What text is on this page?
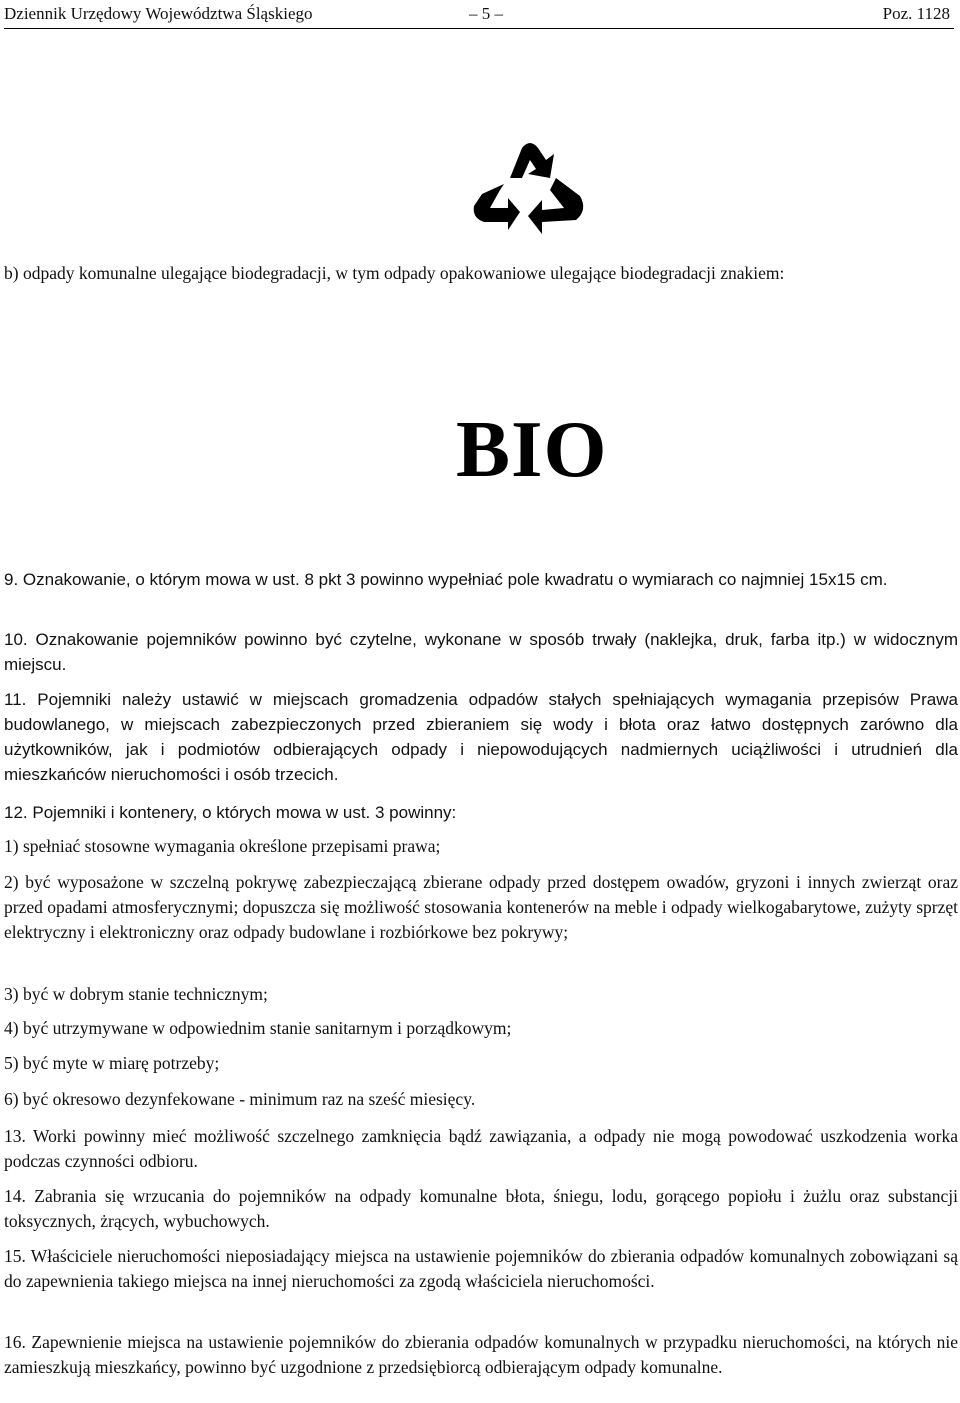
Dziennik Urzędowy Województwa Śląskiego	– 5 –	Poz. 1128

b) odpady komunalne ulegające biodegradacji, w tym odpady opakowaniowe ulegające biodegradacji znakiem:

BIO

9. Oznakowanie, o którym mowa w ust. 8 pkt 3 powinno wypełniać pole kwadratu o wymiarach co najmniej 15x15 cm.

10. Oznakowanie pojemników powinno być czytelne, wykonane w sposób trwały (naklejka, druk, farba itp.) w widocznym miejscu.

11. Pojemniki należy ustawić w miejscach gromadzenia odpadów stałych spełniających wymagania przepisów Prawa budowlanego, w miejscach zabezpieczonych przed zbieraniem się wody i błota oraz łatwo dostępnych zarówno dla użytkowników, jak i podmiotów odbierających odpady i niepowodujących nadmiernych uciążliwości i utrudnień dla mieszkańców nieruchomości i osób trzecich.

12. Pojemniki i kontenery, o których mowa w ust. 3 powinny:

1) spełniać stosowne wymagania określone przepisami prawa;

2) być wyposażone w szczelną pokrywę zabezpieczającą zbierane odpady przed dostępem owadów, gryzoni i innych zwierząt oraz przed opadami atmosferycznymi; dopuszcza się możliwość stosowania kontenerów na meble i odpady wielkogabarytowe, zużyty sprzęt elektryczny i elektroniczny oraz odpady budowlane i rozbiórkowe bez pokrywy;

3) być w dobrym stanie technicznym;

4) być utrzymywane w odpowiednim stanie sanitarnym i porządkowym;

5) być myte w miarę potrzeby;

6) być okresowo dezynfekowane - minimum raz na sześć miesięcy.

13. Worki powinny mieć możliwość szczelnego zamknięcia bądź zawiązania, a odpady nie mogą powodować uszkodzenia worka podczas czynności odbioru.

14. Zabrania się wrzucania do pojemników na odpady komunalne błota, śniegu, lodu, gorącego popiołu i żużlu oraz substancji toksycznych, żrących, wybuchowych.

15. Właściciele nieruchomości nieposiadający miejsca na ustawienie pojemników do zbierania odpadów komunalnych zobowiązani są do zapewnienia takiego miejsca na innej nieruchomości za zgodą właściciela nieruchomości.

16. Zapewnienie miejsca na ustawienie pojemników do zbierania odpadów komunalnych w przypadku nieruchomości, na których nie zamieszkują mieszkańcy, powinno być uzgodnione z przedsiębiorcą odbierającym odpady komunalne.
